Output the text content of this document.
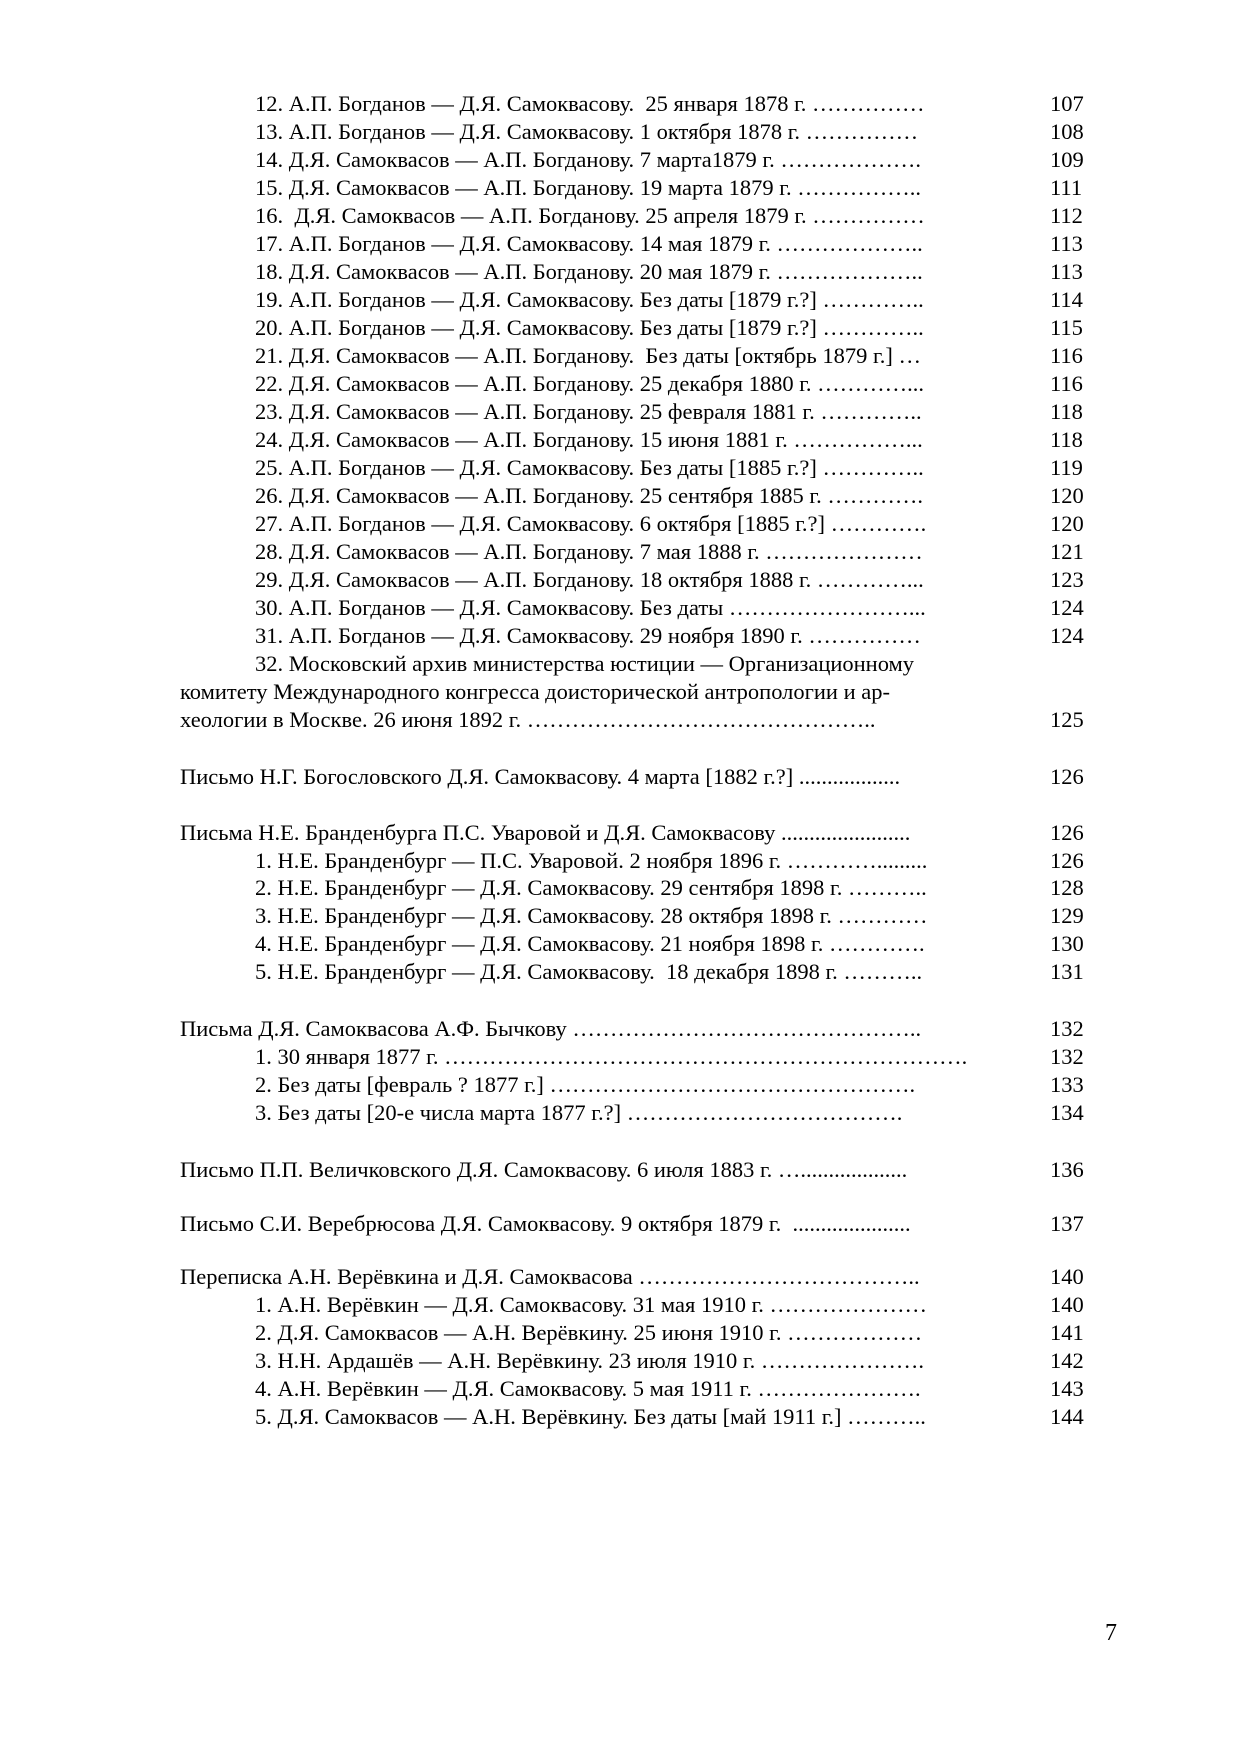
12. А.П. Богданов — Д.Я. Самоквасову.  25 января 1878 г. ……………	107
13. А.П. Богданов — Д.Я. Самоквасову. 1 октября 1878 г. ……………	108
14. Д.Я. Самоквасов — А.П. Богданову. 7 марта1879 г. ……………….	109
15. Д.Я. Самоквасов — А.П. Богданову. 19 марта 1879 г. ……………..	111
16.  Д.Я. Самоквасов — А.П. Богданову. 25 апреля 1879 г. ……………	112
17. А.П. Богданов — Д.Я. Самоквасову. 14 мая 1879 г. ………………..	113
18. Д.Я. Самоквасов — А.П. Богданову. 20 мая 1879 г. ………………..	113
19. А.П. Богданов — Д.Я. Самоквасову. Без даты [1879 г.?] …………..	114
20. А.П. Богданов — Д.Я. Самоквасову. Без даты [1879 г.?] …………..	115
21. Д.Я. Самоквасов — А.П. Богданову.  Без даты [октябрь 1879 г.] …	116
22. Д.Я. Самоквасов — А.П. Богданову. 25 декабря 1880 г. …………...	116
23. Д.Я. Самоквасов — А.П. Богданову. 25 февраля 1881 г. …………..	118
24. Д.Я. Самоквасов — А.П. Богданову. 15 июня 1881 г. ……………...	118
25. А.П. Богданов — Д.Я. Самоквасову. Без даты [1885 г.?] …………..	119
26. Д.Я. Самоквасов — А.П. Богданову. 25 сентября 1885 г. ………….	120
27. А.П. Богданов — Д.Я. Самоквасову. 6 октября [1885 г.?] ………….	120
28. Д.Я. Самоквасов — А.П. Богданову. 7 мая 1888 г. …………………	121
29. Д.Я. Самоквасов — А.П. Богданову. 18 октября 1888 г. …………...	123
30. А.П. Богданов — Д.Я. Самоквасову. Без даты ……………………...	124
31. А.П. Богданов — Д.Я. Самоквасову. 29 ноября 1890 г. ……………	124
32. Московский архив министерства юстиции — Организационному
комитету Международного конгресса доисторической антропологии и ар-
хеологии в Москве. 26 июня 1892 г. ………………………………………..	125
Письмо Н.Г. Богословского Д.Я. Самоквасову. 4 марта [1882 г.?] ..................	126
Письма Н.Е. Бранденбурга П.С. Уваровой и Д.Я. Самоквасову .......................	126
1. Н.Е. Бранденбург — П.С. Уваровой. 2 ноября 1896 г. ………….........	126
2. Н.Е. Бранденбург — Д.Я. Самоквасову. 29 сентября 1898 г. ………..	128
3. Н.Е. Бранденбург — Д.Я. Самоквасову. 28 октября 1898 г. …………	129
4. Н.Е. Бранденбург — Д.Я. Самоквасову. 21 ноября 1898 г. ………….	130
5. Н.Е. Бранденбург — Д.Я. Самоквасову.  18 декабря 1898 г. ………..	131
Письма Д.Я. Самоквасова А.Ф. Бычкову ………………………………………..	132
1. 30 января 1877 г. …………………………………………………………….	132
2. Без даты [февраль ? 1877 г.] ………………………………………….	133
3. Без даты [20-е числа марта 1877 г.?] ……………………………….	134
Письмо П.П. Величковского Д.Я. Самоквасову. 6 июля 1883 г. …...................	136
Письмо С.И. Веребрюсова Д.Я. Самоквасову. 9 октября 1879 г.  .....................	137
Переписка А.Н. Верёвкина и Д.Я. Самоквасова ………………………………..	140
1. А.Н. Верёвкин — Д.Я. Самоквасову. 31 мая 1910 г. …………………	140
2. Д.Я. Самоквасов — А.Н. Верёвкину. 25 июня 1910 г. ………………	141
3. Н.Н. Ардашёв — А.Н. Верёвкину. 23 июля 1910 г. ………………….	142
4. А.Н. Верёвкин — Д.Я. Самоквасову. 5 мая 1911 г. ………………….	143
5. Д.Я. Самоквасов — А.Н. Верёвкину. Без даты [май 1911 г.] ………..	144
7
